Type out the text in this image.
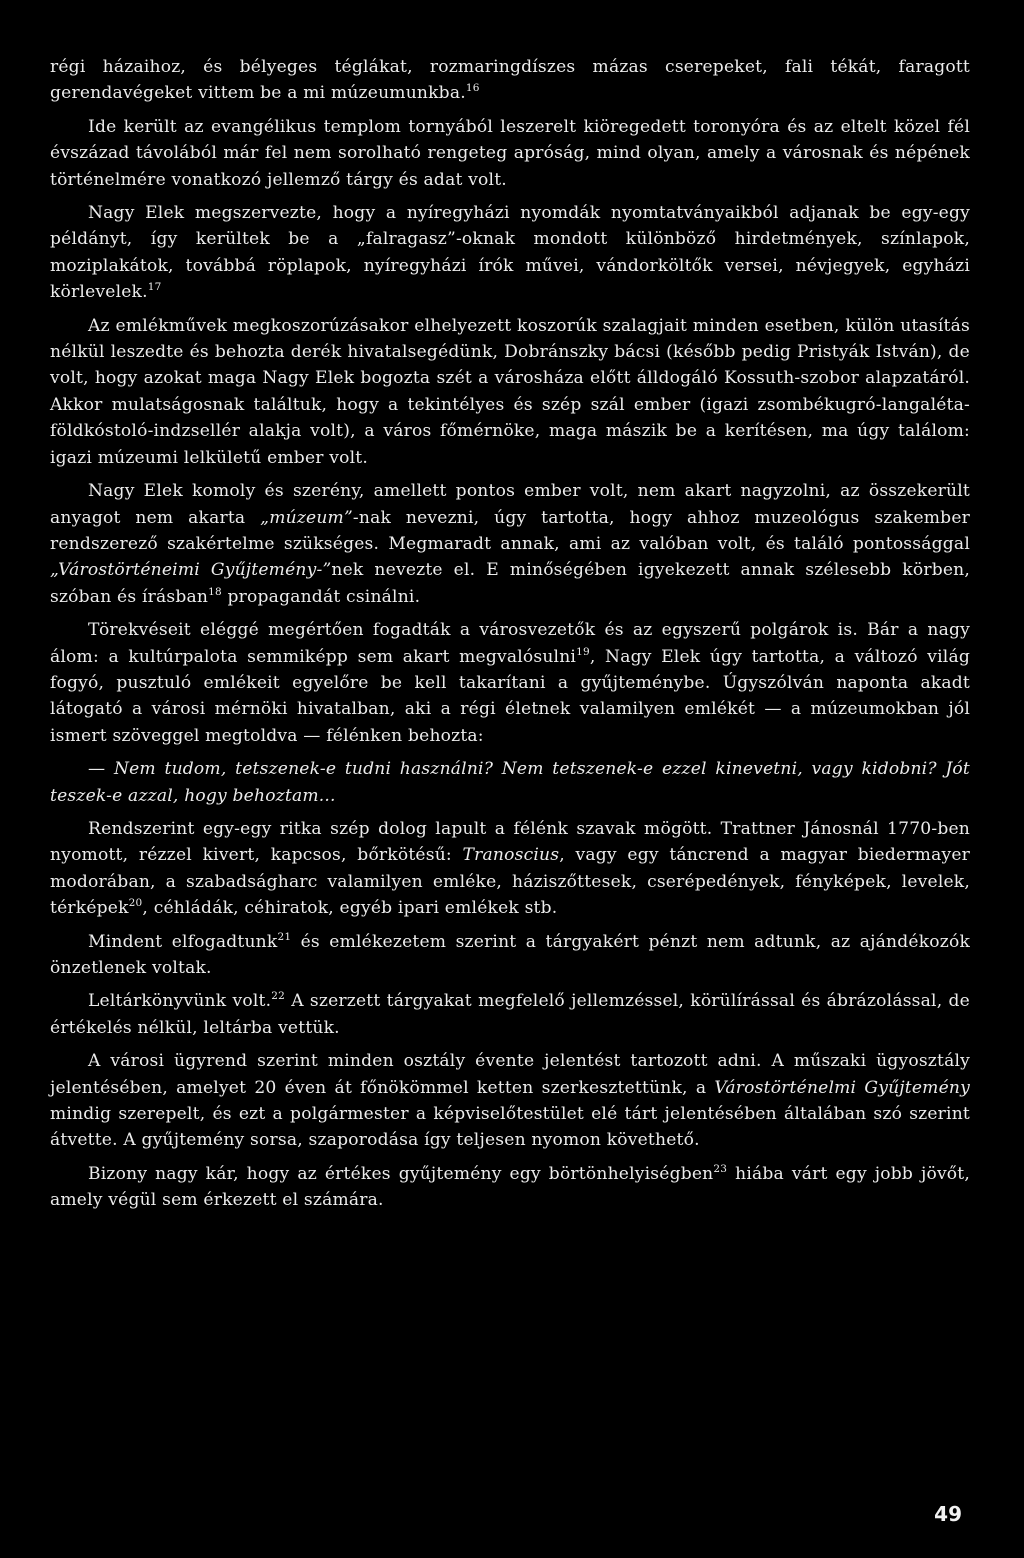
régi házaihoz, és bélyeges téglákat, rozmaringdíszes mázas cserepeket, fali tékát, faragott gerendavégeket vittem be a mi múzeumunkba.$^{16}$

Ide került az evangélikus templom tornyából leszerelt kiöregedett toronyóra és az eltelt közel fél évszázad távolából már fel nem sorolható rengeteg apróság, mind olyan, amely a városnak és népének történelmére vonatkozó jellemző tárgy és adat volt.

Nagy Elek megszervezte, hogy a nyíregyházi nyomdák nyomtatványaikból adjanak be egy-egy példányt, így kerültek be a „falragasz”-oknak mondott különböző hirdetmények, színlapok, moziplakátok, továbbá röplapok, nyíregyházi írók művei, vándorköltők versei, névjegyek, egyházi körlevelek.$^{17}$

Az emlékművek megkoszorúzásakor elhelyezett koszorúk szalagjait minden esetben, külön utasítás nélkül leszedte és behozta derék hivatalsegédünk, Dobránszky bácsi (később pedig Pristyák István), de volt, hogy azokat maga Nagy Elek bogozta szét a városháza előtt álldogáló Kossuth-szobor alapzatáról. Akkor mulatságosnak találtuk, hogy a tekintélyes és szép szál ember (igazi zsombékugró-langaléta-földkóstoló-indzsellér alakja volt), a város főmérnöke, maga mászik be a kerítésen, ma úgy találom: igazi múzeumi lelkületű ember volt.

Nagy Elek komoly és szerény, amellett pontos ember volt, nem akart nagyzolni, az összekerült anyagot nem akarta „múzeum”-nak nevezni, úgy tartotta, hogy ahhoz muzeológus szakember rendszerező szakértelme szükséges. Megmaradt annak, ami az valóban volt, és találó pontossággal „Várostörténeimi Gyűjtemény-”nek nevezte el. E minőségében igyekezett annak szélesebb körben, szóban és írásban$^{18}$ propagandát csinálni.

Törekvéseit eléggé megértően fogadták a városvezetők és az egyszerű polgárok is. Bár a nagy álom: a kultúrpalota semmiképp sem akart megvalósulni$^{19}$, Nagy Elek úgy tartotta, a változó világ fogyó, pusztuló emlékeit egyelőre be kell takarítani a gyűjteménybe. Úgyszólván naponta akadt látogató a városi mérnöki hivatalban, aki a régi életnek valamilyen emlékét — a múzeumokban jól ismert szöveggel megtoldva — félénken behozta:

— Nem tudom, tetszenek-e tudni használni? Nem tetszenek-e ezzel kinevetni, vagy kidobni? Jót teszek-e azzal, hogy behoztam...

Rendszerint egy-egy ritka szép dolog lapult a félénk szavak mögött. Trattner Jánosnál 1770-ben nyomott, rézzel kivert, kapcsos, bőrkötésű: Tranoscius, vagy egy táncrend a magyar biedermayer modorában, a szabadságharc valamilyen emléke, háziszőttesek, cserépedények, fényképek, levelek, térképek$^{20}$, céhládák, céhiratok, egyéb ipari emlékek stb.

Mindent elfogadtunk$^{21}$ és emlékezetem szerint a tárgyakért pénzt nem adtunk, az ajándékozók önzetlenek voltak.

Leltárkönyvünk volt.$^{22}$ A szerzett tárgyakat megfelelő jellemzéssel, körülírással és ábrázolással, de értékelés nélkül, leltárba vettük.

A városi ügyrend szerint minden osztály évente jelentést tartozott adni. A műszaki ügyosztály jelentésében, amelyet 20 éven át főnökömmel ketten szerkesztettünk, a Várostörténelmi Gyűjtemény mindig szerepelt, és ezt a polgármester a képviselőtestület elé tárt jelentésében általában szó szerint átvette. A gyűjtemény sorsa, szaporodása így teljesen nyomon követhető.

Bizony nagy kár, hogy az értékes gyűjtemény egy börtönhelyiségben$^{23}$ hiába várt egy jobb jövőt, amely végül sem érkezett el számára.

49
